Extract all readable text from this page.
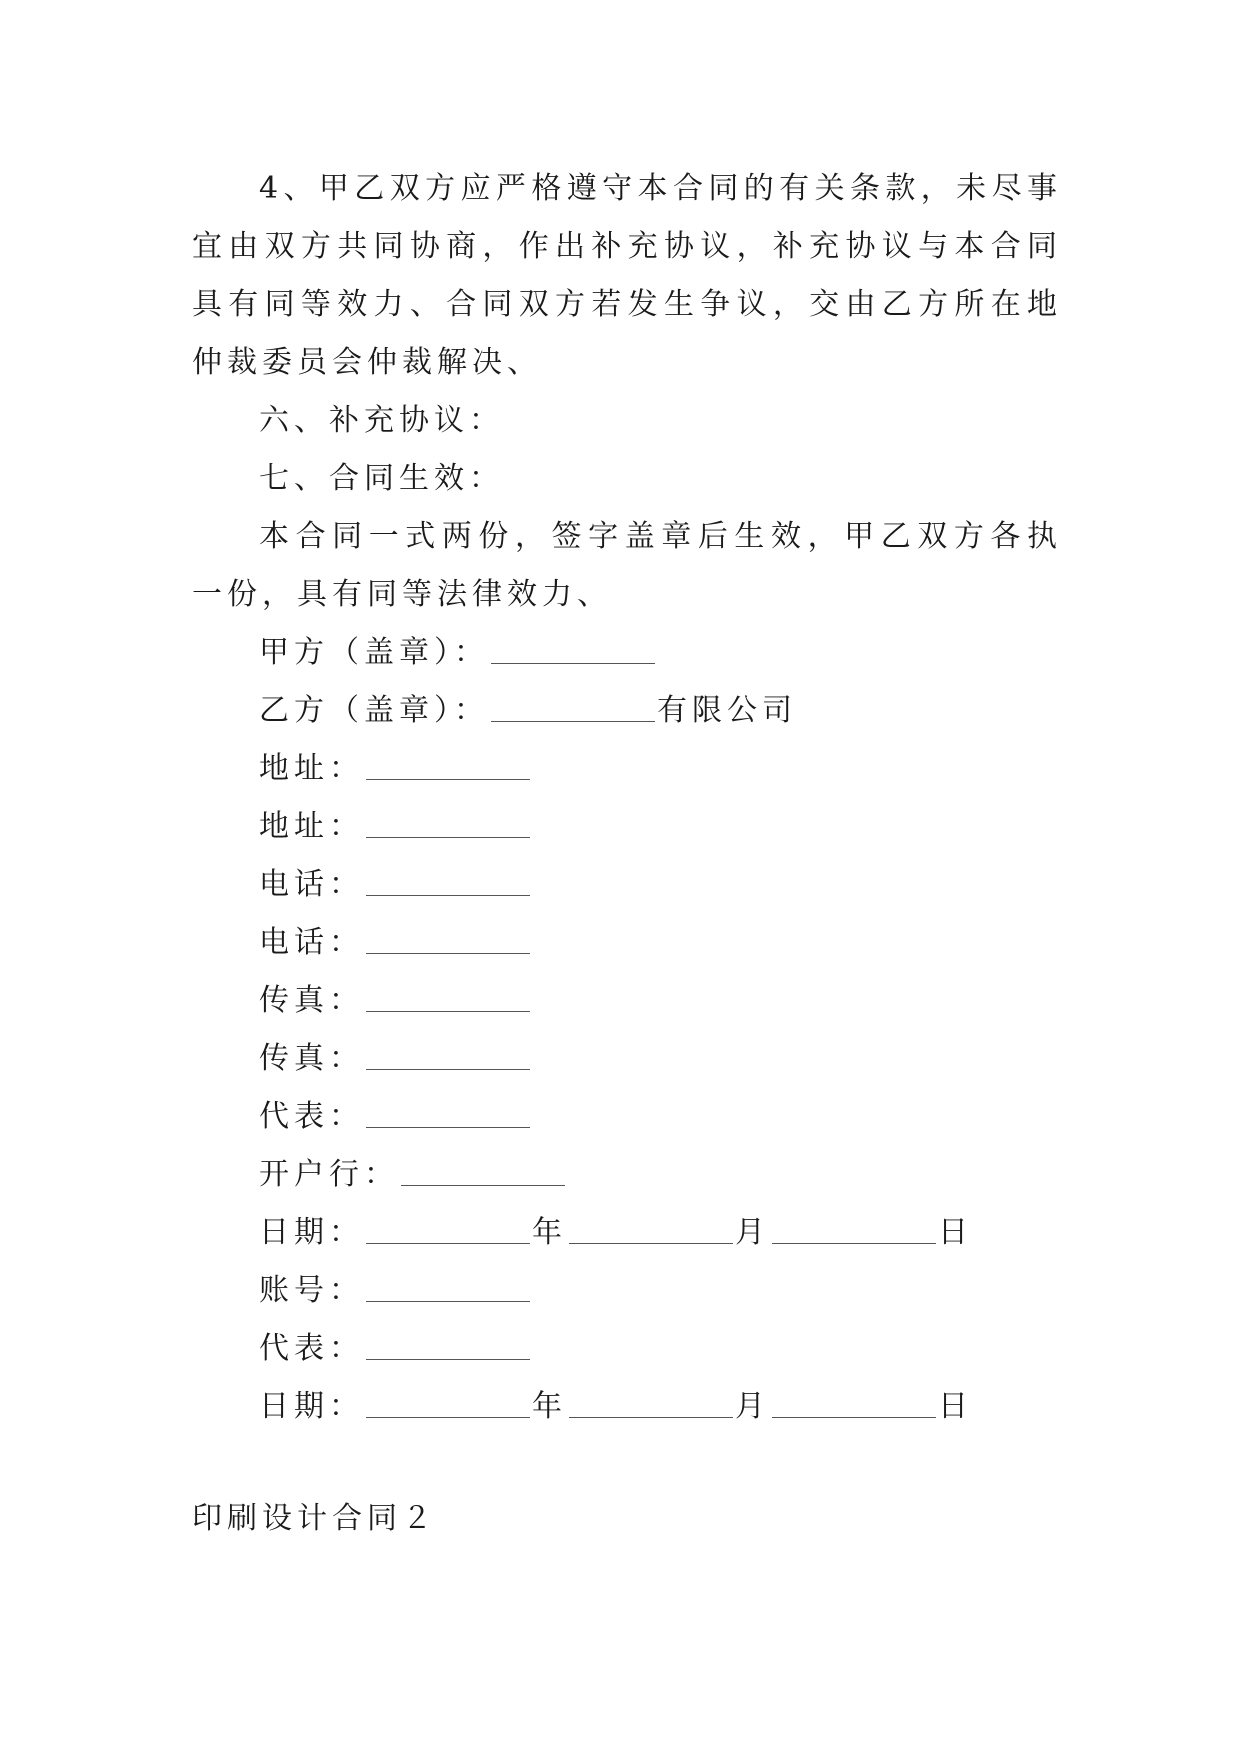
4、甲乙双方应严格遵守本合同的有关条款，未尽事宜由双方共同协商，作出补充协议，补充协议与本合同具有同等效力、合同双方若发生争议，交由乙方所在地仲裁委员会仲裁解决、

六、补充协议：

七、合同生效：

本合同一式两份，签字盖章后生效，甲乙双方各执一份，具有同等法律效力、

甲方（盖章）：

乙方（盖章）：	有限公司

地址：

地址：

电话：

电话：

传真：

传真：

代表：

开户行：

日期：	年	月	日

账号：

代表：

日期：	年	月	日

印刷设计合同２
